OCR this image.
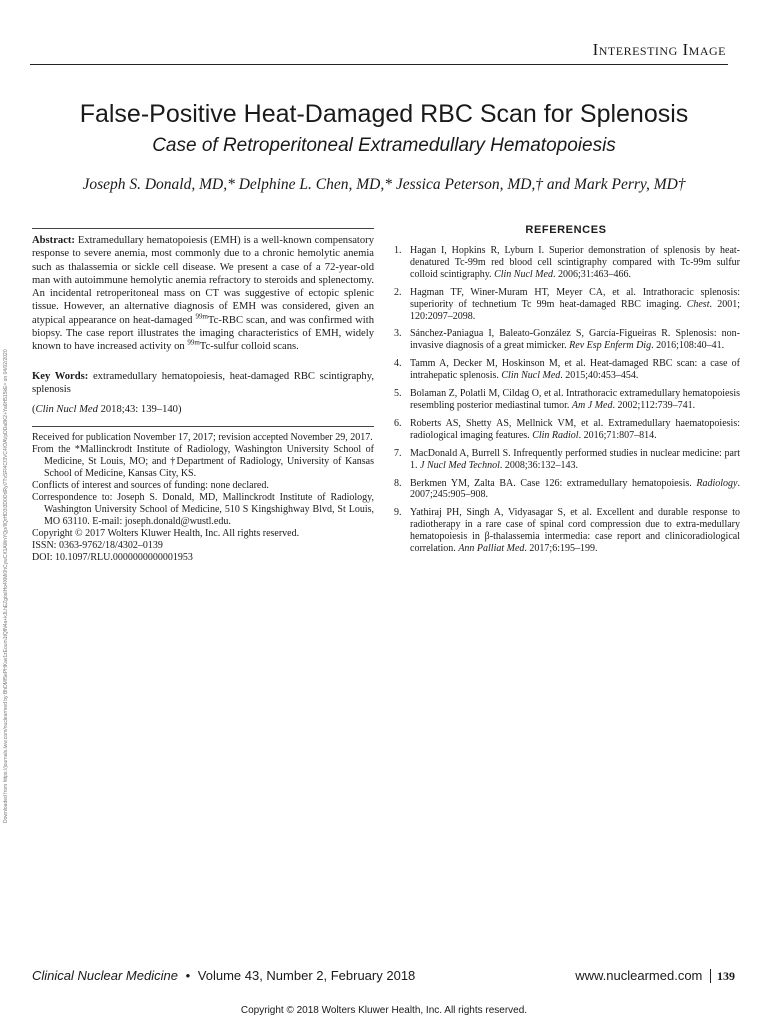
Interesting Image
False-Positive Heat-Damaged RBC Scan for Splenosis
Case of Retroperitoneal Extramedullary Hematopoiesis
Joseph S. Donald, MD,* Delphine L. Chen, MD,* Jessica Peterson, MD,† and Mark Perry, MD†

Abstract: Extramedullary hematopoiesis (EMH) is a well-known compensatory response to severe anemia, most commonly due to a chronic hemolytic anemia such as thalassemia or sickle cell disease. We present a case of a 72-year-old man with autoimmune hemolytic anemia refractory to steroids and splenectomy. An incidental retroperitoneal mass on CT was suggestive of ectopic splenic tissue. However, an alternative diagnosis of EMH was considered, given an atypical appearance on heat-damaged $^{99m}$Tc-RBC scan, and was confirmed with biopsy. The case report illustrates the imaging characteristics of EMH, widely known to have increased activity on $^{99m}$Tc-sulfur colloid scans.

Key Words: extramedullary hematopoiesis, heat-damaged RBC scintigraphy, splenosis

(Clin Nucl Med 2018;43: 139–140)

Received for publication November 17, 2017; revision accepted November 29, 2017.

From the *Mallinckrodt Institute of Radiology, Washington University School of Medicine, St Louis, MO; and †Department of Radiology, University of Kansas School of Medicine, Kansas City, KS.

Conflicts of interest and sources of funding: none declared.

Correspondence to: Joseph S. Donald, MD, Mallinckrodt Institute of Radiology, Washington University School of Medicine, 510 S Kingshighway Blvd, St Louis, MO 63110. E-mail: joseph.donald@wustl.edu.

Copyright © 2017 Wolters Kluwer Health, Inc. All rights reserved.

ISSN: 0363-9762/18/4302–0139

DOI: 10.1097/RLU.0000000000001953

REFERENCES
1. Hagan I, Hopkins R, Lyburn I. Superior demonstration of splenosis by heat-denatured Tc-99m red blood cell scintigraphy compared with Tc-99m sulfur colloid scintigraphy. Clin Nucl Med. 2006;31:463–466.
2. Hagman TF, Winer-Muram HT, Meyer CA, et al. Intrathoracic splenosis: superiority of technetium Tc 99m heat-damaged RBC imaging. Chest. 2001; 120:2097–2098.
3. Sánchez-Paniagua I, Baleato-González S, García-Figueiras R. Splenosis: non-invasive diagnosis of a great mimicker. Rev Esp Enferm Dig. 2016;108:40–41.
4. Tamm A, Decker M, Hoskinson M, et al. Heat-damaged RBC scan: a case of intrahepatic splenosis. Clin Nucl Med. 2015;40:453–454.
5. Bolaman Z, Polatli M, Cildag O, et al. Intrathoracic extramedullary hematopoiesis resembling posterior mediastinal tumor. Am J Med. 2002;112:739–741.
6. Roberts AS, Shetty AS, Mellnick VM, et al. Extramedullary haematopoiesis: radiological imaging features. Clin Radiol. 2016;71:807–814.
7. MacDonald A, Burrell S. Infrequently performed studies in nuclear medicine: part 1. J Nucl Med Technol. 2008;36:132–143.
8. Berkmen YM, Zalta BA. Case 126: extramedullary hematopoiesis. Radiology. 2007;245:905–908.
9. Yathiraj PH, Singh A, Vidyasagar S, et al. Excellent and durable response to radiotherapy in a rare case of spinal cord compression due to extra-medullary hematopoiesis in β-thalassemia intermedia: case report and clinicoradiological correlation. Ann Palliat Med. 2017;6:195–199.
Downloaded from https://journals.lww.com/nuclearmed by BhDMf5ePHKav1zEoum1tQfN4a+kJLhEZgbsIHo4XMi0hCywCX1AWnYQp/IlQrHD3i3D0OdRyi7TvSFl4Cf3VC4/OAVpDDa8K2+Ya6H515kE= on 04/02/2020
Clinical Nuclear Medicine • Volume 43, Number 2, February 2018	www.nuclearmed.com 139
Copyright © 2018 Wolters Kluwer Health, Inc. All rights reserved.
